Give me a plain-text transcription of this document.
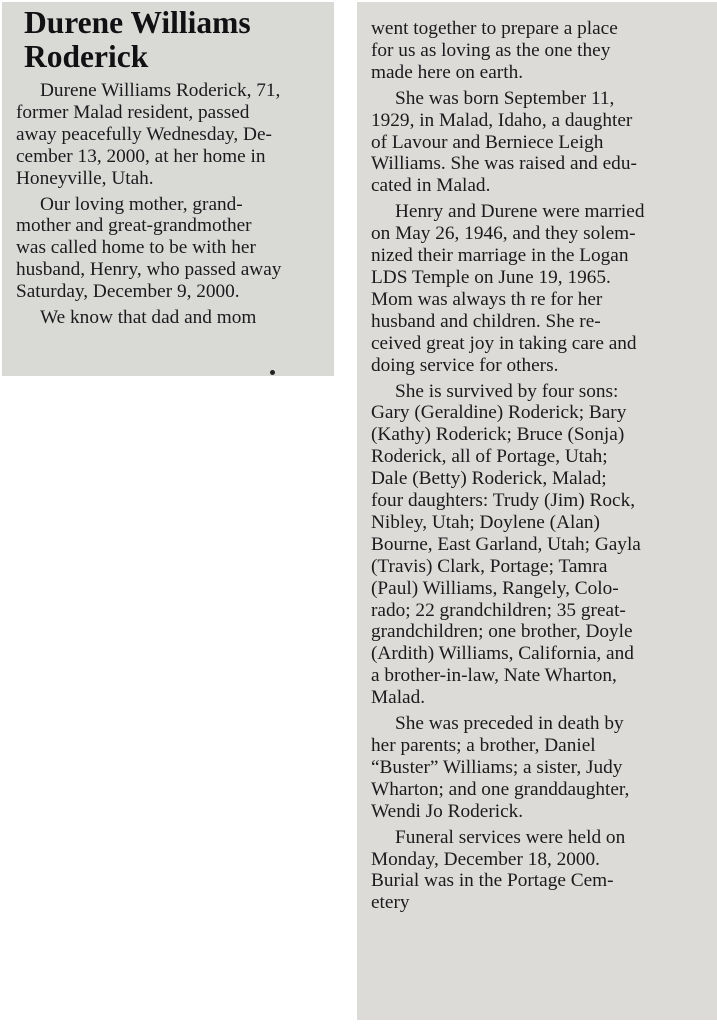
Durene Williams
Roderick

Durene Williams Roderick, 71,
former Malad resident, passed
away peacefully Wednesday, De-
cember 13, 2000, at her home in
Honeyville, Utah.

Our loving mother, grand-
mother and great-grandmother
was called home to be with her
husband, Henry, who passed away
Saturday, December 9, 2000.

We know that dad and mom

went together to prepare a place
for us as loving as the one they
made here on earth.

She was born September 11,
1929, in Malad, Idaho, a daughter
of Lavour and Berniece Leigh
Williams. She was raised and edu-
cated in Malad.

Henry and Durene were married
on May 26, 1946, and they solem-
nized their marriage in the Logan
LDS Temple on June 19, 1965.
Mom was always th re for her
husband and children. She re-
ceived great joy in taking care and
doing service for others.

She is survived by four sons:
Gary (Geraldine) Roderick; Bary
(Kathy) Roderick; Bruce (Sonja)
Roderick, all of Portage, Utah;
Dale (Betty) Roderick, Malad;
four daughters: Trudy (Jim) Rock,
Nibley, Utah; Doylene (Alan)
Bourne, East Garland, Utah; Gayla
(Travis) Clark, Portage; Tamra
(Paul) Williams, Rangely, Colo-
rado; 22 grandchildren; 35 great-
grandchildren; one brother, Doyle
(Ardith) Williams, California, and
a brother-in-law, Nate Wharton,
Malad.

She was preceded in death by
her parents; a brother, Daniel
“Buster” Williams; a sister, Judy
Wharton; and one granddaughter,
Wendi Jo Roderick.

Funeral services were held on
Monday, December 18, 2000.
Burial was in the Portage Cem-
etery
